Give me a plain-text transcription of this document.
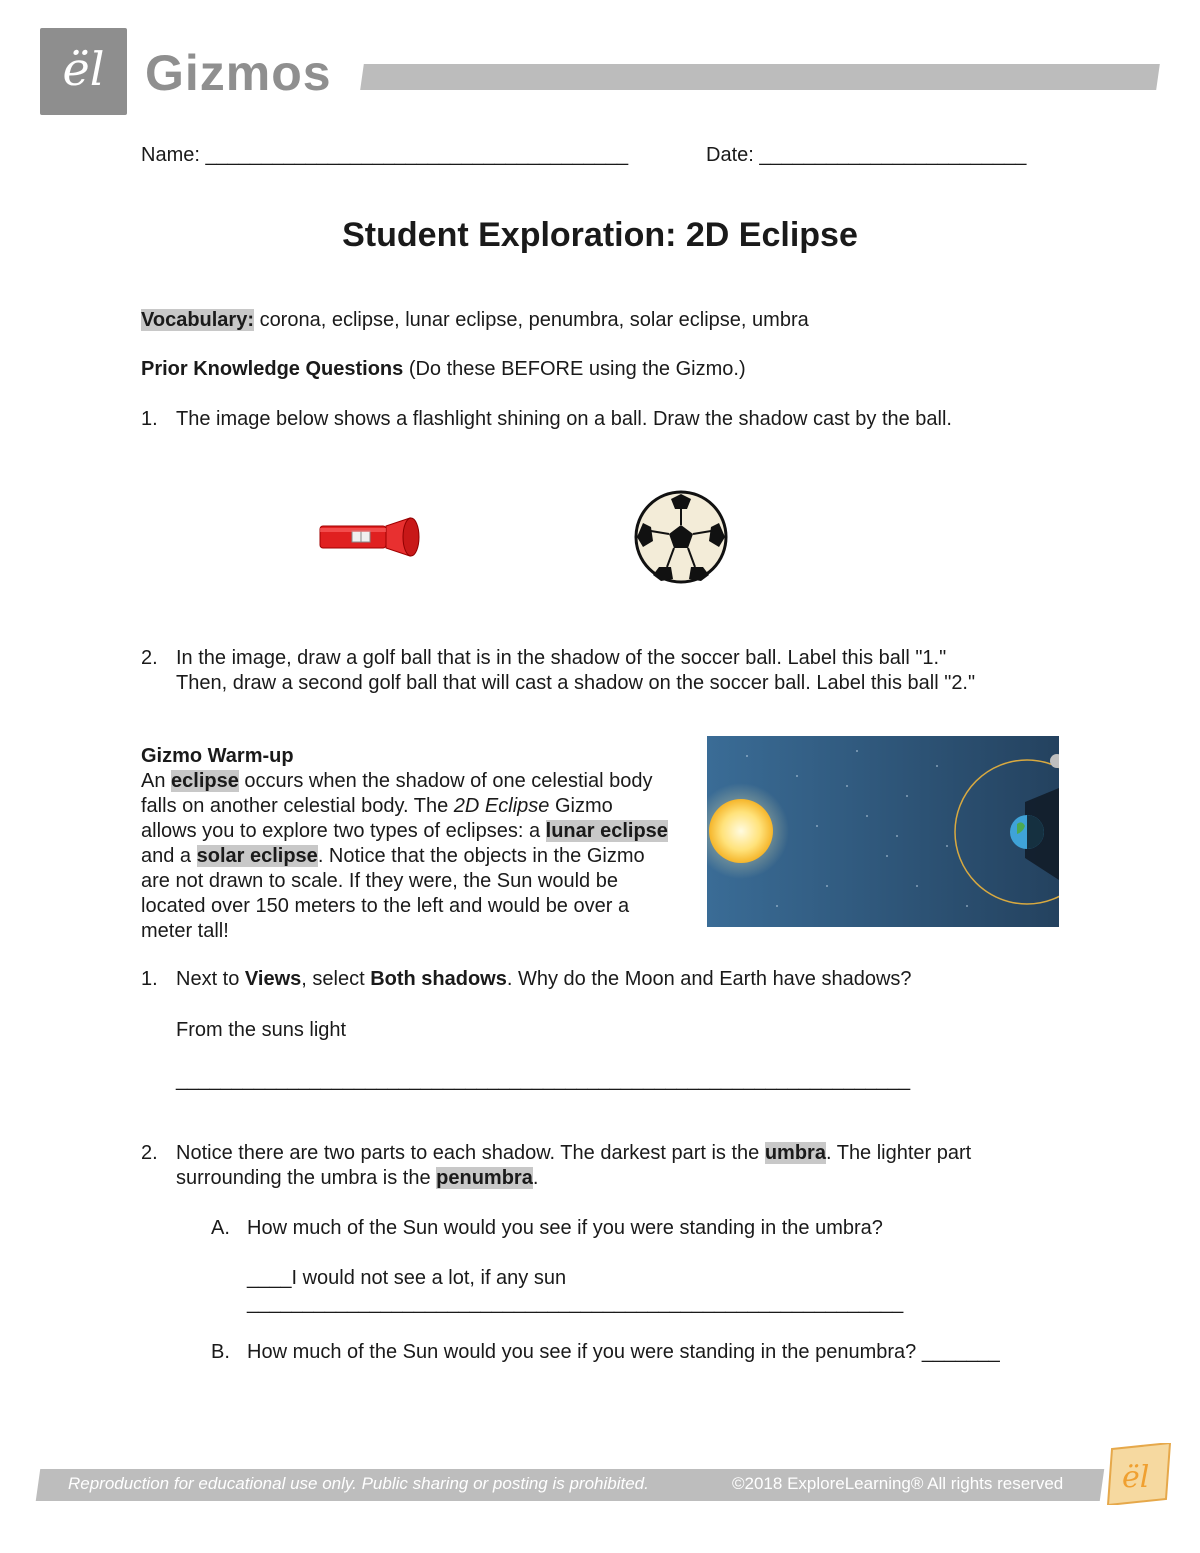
ël Gizmos
Name: ______________________________________	Date: ________________________
Student Exploration: 2D Eclipse
Vocabulary: corona, eclipse, lunar eclipse, penumbra, solar eclipse, umbra
Prior Knowledge Questions (Do these BEFORE using the Gizmo.)
1. The image below shows a flashlight shining on a ball. Draw the shadow cast by the ball.
2. In the image, draw a golf ball that is in the shadow of the soccer ball. Label this ball "1."
Then, draw a second golf ball that will cast a shadow on the soccer ball. Label this ball "2."
Gizmo Warm-up
An eclipse occurs when the shadow of one celestial body falls on another celestial body. The 2D Eclipse Gizmo allows you to explore two types of eclipses: a lunar eclipse and a solar eclipse. Notice that the objects in the Gizmo are not drawn to scale. If they were, the Sun would be located over 150 meters to the left and would be over a meter tall!
1. Next to Views, select Both shadows. Why do the Moon and Earth have shadows?
From the suns light
__________________________________________________________________
2. Notice there are two parts to each shadow. The darkest part is the umbra. The lighter part
surrounding the umbra is the penumbra.
A. How much of the Sun would you see if you were standing in the umbra?
____I would not see a lot, if any sun
___________________________________________________________
B. How much of the Sun would you see if you were standing in the penumbra? _______
Reproduction for educational use only. Public sharing or posting is prohibited.	©2018 ExploreLearning® All rights reserved ël
